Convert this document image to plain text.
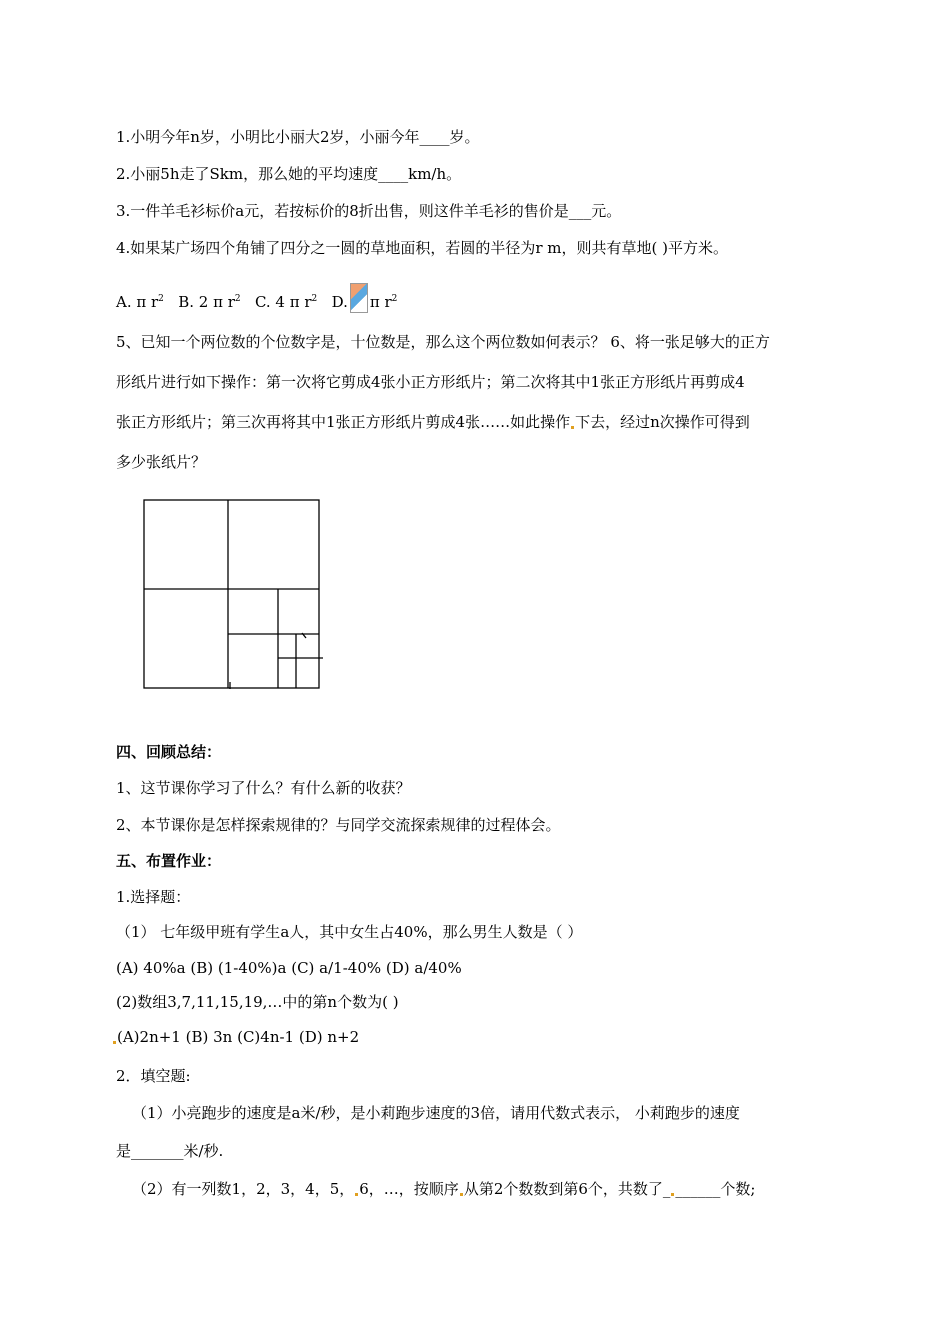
1.小明今年n岁，小明比小丽大2岁，小丽今年____岁。
2.小丽5h走了Skm，那么她的平均速度____km/h。
3.一件羊毛衫标价a元，若按标价的8折出售，则这件羊毛衫的售价是___元。
4.如果某广场四个角铺了四分之一圆的草地面积，若圆的半径为r m，则共有草地( )平方米。
A. π $r^2$ B. 2 π $r^2$ C. 4 π $r^2$ D. π $r^2$
5、已知一个两位数的个位数字是，十位数是，那么这个两位数如何表示？ 6、将一张足够大的正方
形纸片进行如下操作：第一次将它剪成4张小正方形纸片；第二次将其中1张正方形纸片再剪成4
张正方形纸片；第三次再将其中1张正方形纸片剪成4张……如此操作 下去，经过n次操作可得到
多少张纸片？
四、回顾总结：
1、这节课你学习了什么？有什么新的收获？
2、本节课你是怎样探索规律的？与同学交流探索规律的过程体会。
五、布置作业：
1.选择题：
（1） 七年级甲班有学生a人，其中女生占40%，那么男生人数是（ ）
(A) 40%a (B) (1-40%)a (C) a/1-40% (D) a/40%
(2)数组3,7,11,15,19,…中的第n个数为( )
(A)2n+1 (B) 3n (C)4n-1 (D) n+2
2．填空题:
（1）小亮跑步的速度是a米/秒，是小莉跑步速度的3倍，请用代数式表示， 小莉跑步的速度
是_______米/秒.
（2）有一列数1，2，3，4，5， 6，…，按顺序 从第2个数数到第6个，共数了_ ______个数;
